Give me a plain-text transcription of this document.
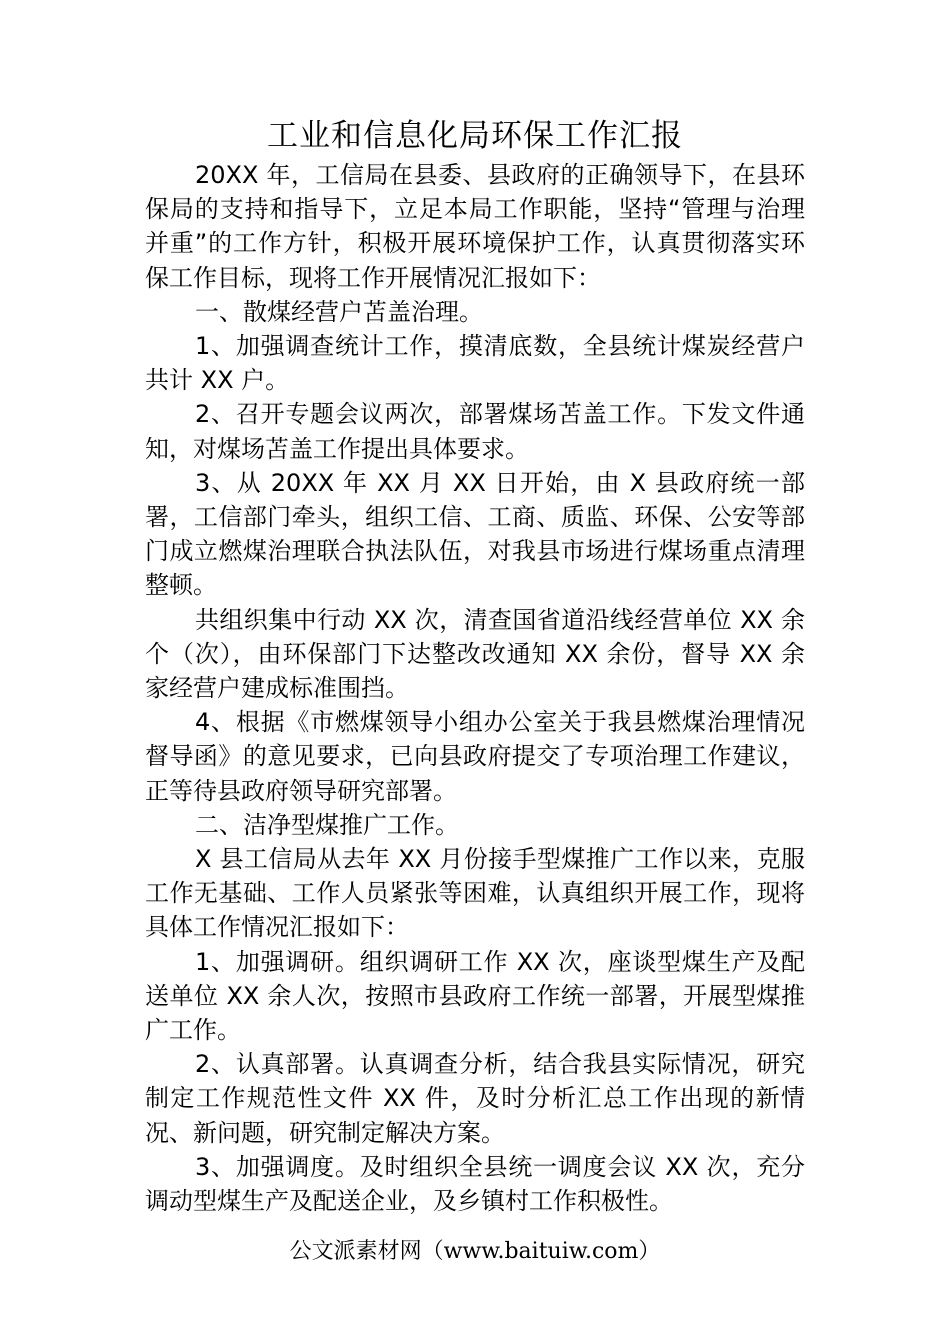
工业和信息化局环保工作汇报

20XX 年，工信局在县委、县政府的正确领导下，在县环保局的支持和指导下，立足本局工作职能，坚持“管理与治理并重”的工作方针，积极开展环境保护工作，认真贯彻落实环保工作目标，现将工作开展情况汇报如下：

一、散煤经营户苫盖治理。

1、加强调查统计工作，摸清底数，全县统计煤炭经营户共计 XX 户。

2、召开专题会议两次，部署煤场苫盖工作。下发文件通知，对煤场苫盖工作提出具体要求。

3、从 20XX 年 XX 月 XX 日开始，由 X 县政府统一部署，工信部门牵头，组织工信、工商、质监、环保、公安等部门成立燃煤治理联合执法队伍，对我县市场进行煤场重点清理整顿。

共组织集中行动 XX 次，清查国省道沿线经营单位 XX 余个（次），由环保部门下达整改改通知 XX 余份，督导 XX 余家经营户建成标准围挡。

4、根据《市燃煤领导小组办公室关于我县燃煤治理情况督导函》的意见要求，已向县政府提交了专项治理工作建议，正等待县政府领导研究部署。

二、洁净型煤推广工作。

X 县工信局从去年 XX 月份接手型煤推广工作以来，克服工作无基础、工作人员紧张等困难，认真组织开展工作，现将具体工作情况汇报如下：

1、加强调研。组织调研工作 XX 次，座谈型煤生产及配送单位 XX 余人次，按照市县政府工作统一部署，开展型煤推广工作。

2、认真部署。认真调查分析，结合我县实际情况，研究制定工作规范性文件 XX 件，及时分析汇总工作出现的新情况、新问题，研究制定解决方案。

3、加强调度。及时组织全县统一调度会议 XX 次，充分调动型煤生产及配送企业，及乡镇村工作积极性。

公文派素材网（www.baituiw.com）
